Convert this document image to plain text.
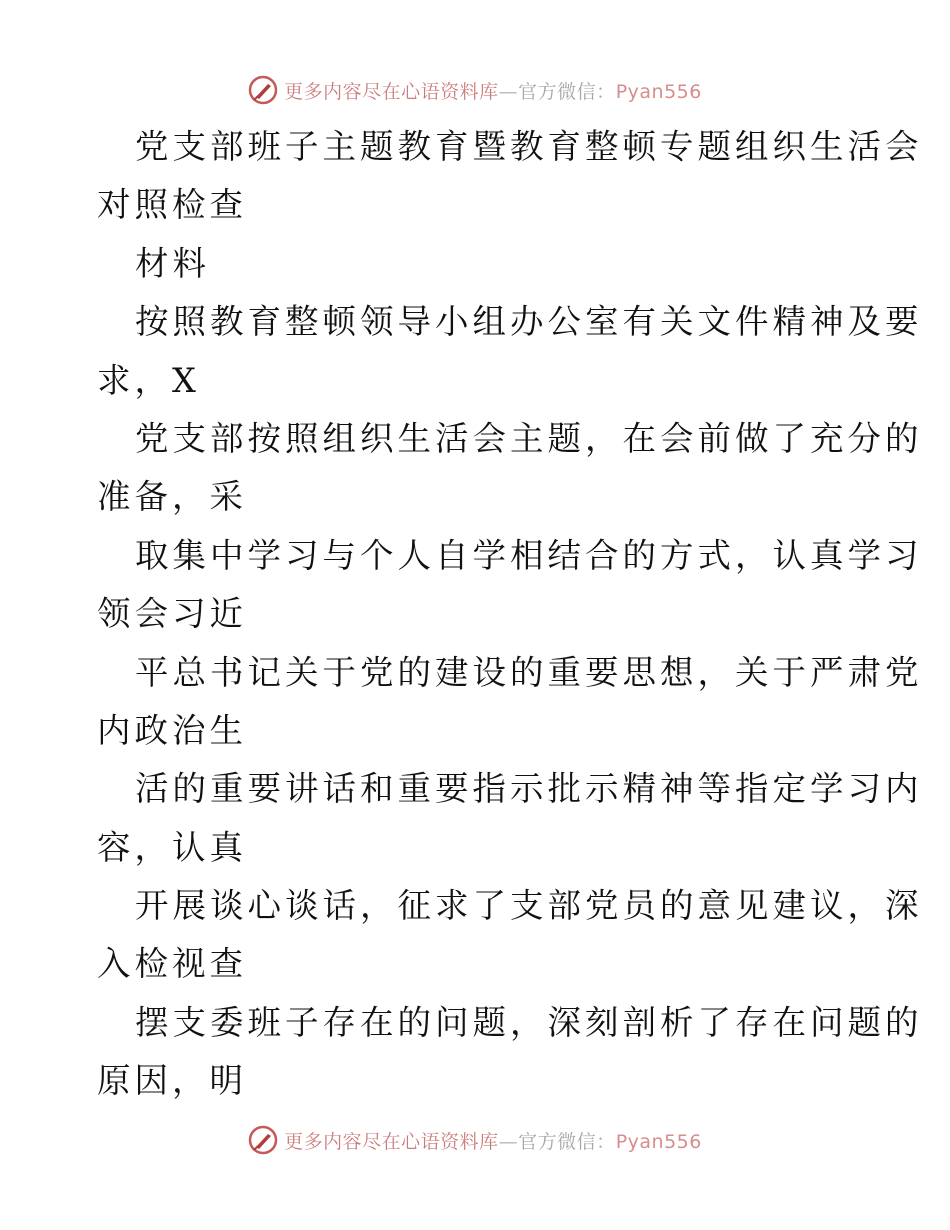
更多内容尽在心语资料库—官方微信：Pyan556
党支部班子主题教育暨教育整顿专题组织生活会
对照检查
材料
按照教育整顿领导小组办公室有关文件精神及要
求，X
党支部按照组织生活会主题，在会前做了充分的
准备，采
取集中学习与个人自学相结合的方式，认真学习
领会习近
平总书记关于党的建设的重要思想，关于严肃党
内政治生
活的重要讲话和重要指示批示精神等指定学习内
容，认真
开展谈心谈话，征求了支部党员的意见建议，深
入检视查
摆支委班子存在的问题，深刻剖析了存在问题的
原因，明
更多内容尽在心语资料库—官方微信：Pyan556
